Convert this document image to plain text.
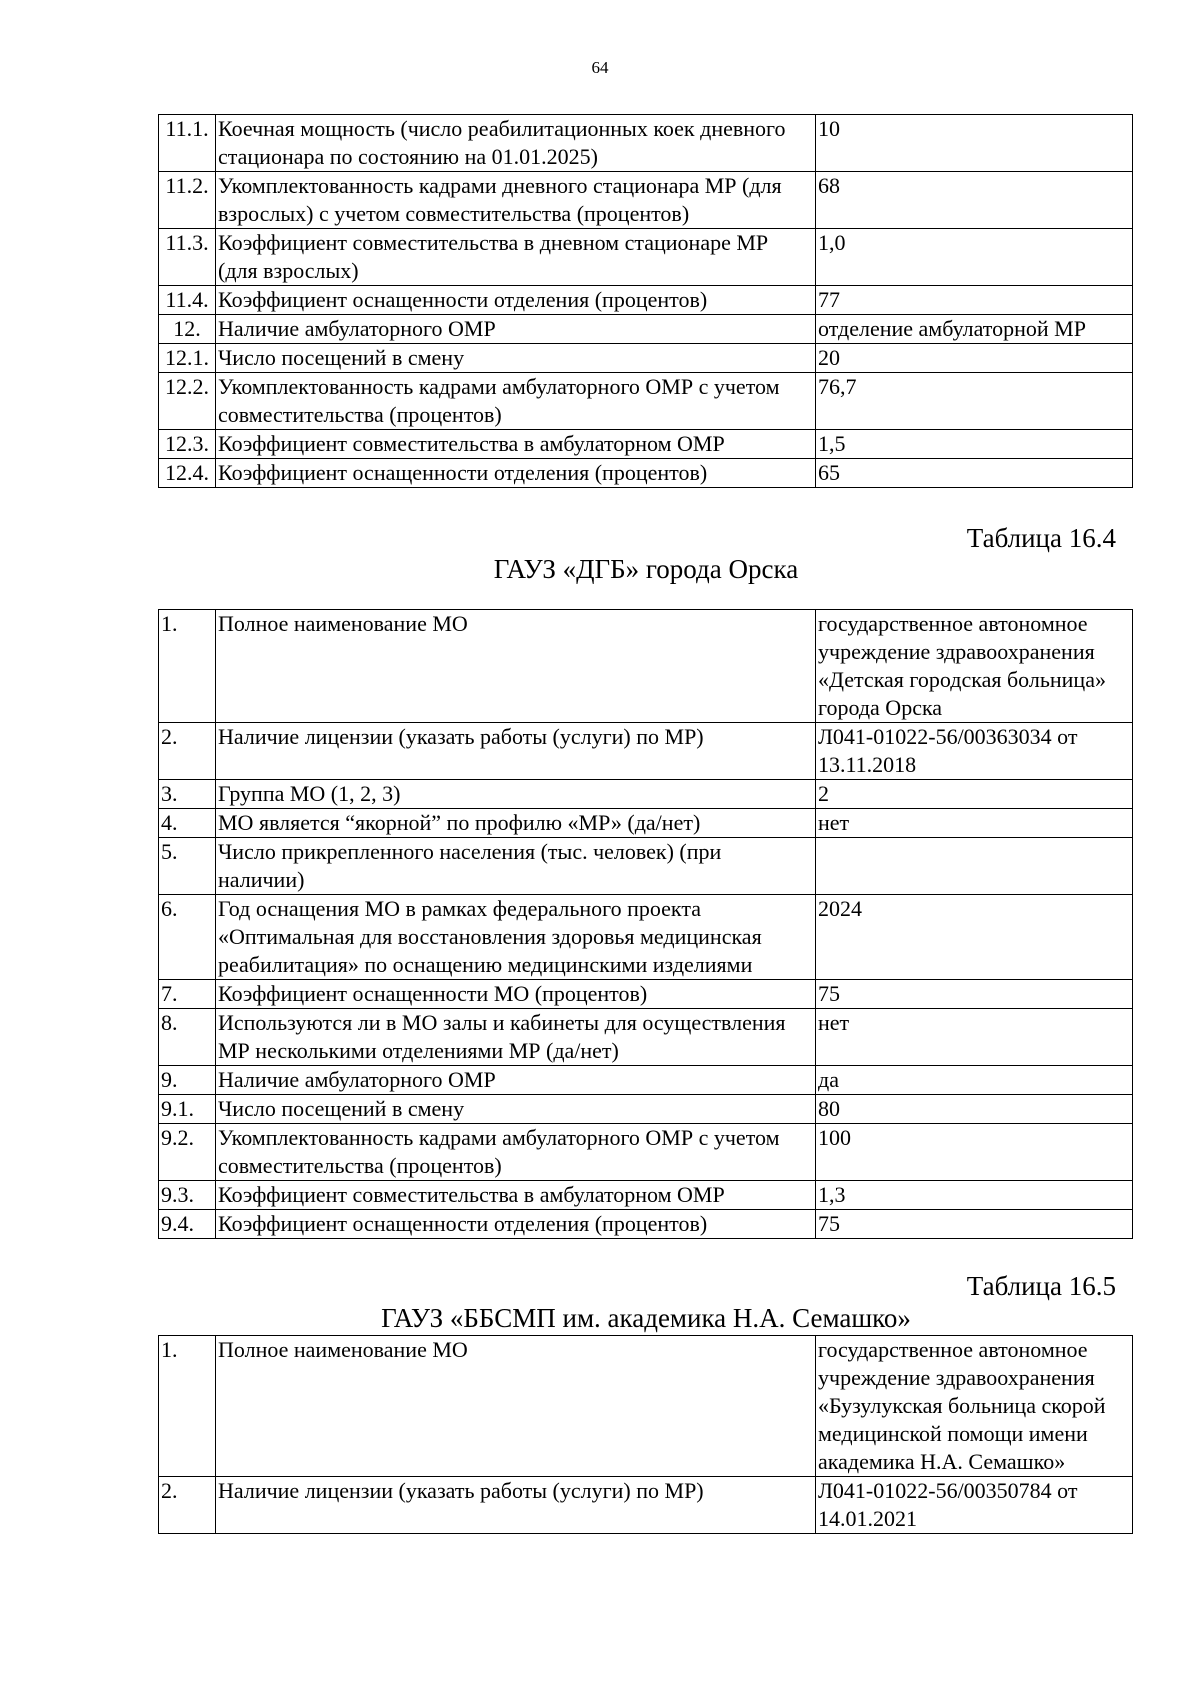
64
11.1.	Коечная мощность (число реабилитационных коек дневного стационара по состоянию на 01.01.2025)	10
11.2.	Укомплектованность кадрами дневного стационара МР (для взрослых) с учетом совместительства (процентов)	68
11.3.	Коэффициент совместительства в дневном стационаре МР (для взрослых)	1,0
11.4.	Коэффициент оснащенности отделения (процентов)	77
12.	Наличие амбулаторного ОМР	отделение амбулаторной МР
12.1.	Число посещений в смену	20
12.2.	Укомплектованность кадрами амбулаторного ОМР с учетом совместительства (процентов)	76,7
12.3.	Коэффициент совместительства в амбулаторном ОМР	1,5
12.4.	Коэффициент оснащенности отделения (процентов)	65
Таблица 16.4
ГАУЗ «ДГБ» города Орска
1.	Полное наименование МО	государственное автономное учреждение здравоохранения «Детская городская больница» города Орска
2.	Наличие лицензии (указать работы (услуги) по МР)	Л041-01022-56/00363034 от 13.11.2018
3.	Группа МО (1, 2, 3)	2
4.	МО является “якорной” по профилю «МР» (да/нет)	нет
5.	Число прикрепленного населения (тыс. человек) (при наличии)	
6.	Год оснащения МО в рамках федерального проекта «Оптимальная для восстановления здоровья медицинская реабилитация» по оснащению медицинскими изделиями	2024
7.	Коэффициент оснащенности МО (процентов)	75
8.	Используются ли в МО залы и кабинеты для осуществления МР несколькими отделениями МР (да/нет)	нет
9.	Наличие амбулаторного ОМР	да
9.1.	Число посещений в смену	80
9.2.	Укомплектованность кадрами амбулаторного ОМР с учетом совместительства (процентов)	100
9.3.	Коэффициент совместительства в амбулаторном ОМР	1,3
9.4.	Коэффициент оснащенности отделения (процентов)	75
Таблица 16.5
ГАУЗ «ББСМП им. академика Н.А. Семашко»
1.	Полное наименование МО	государственное автономное учреждение здравоохранения «Бузулукская больница скорой медицинской помощи имени академика Н.А. Семашко»
2.	Наличие лицензии (указать работы (услуги) по МР)	Л041-01022-56/00350784 от 14.01.2021
